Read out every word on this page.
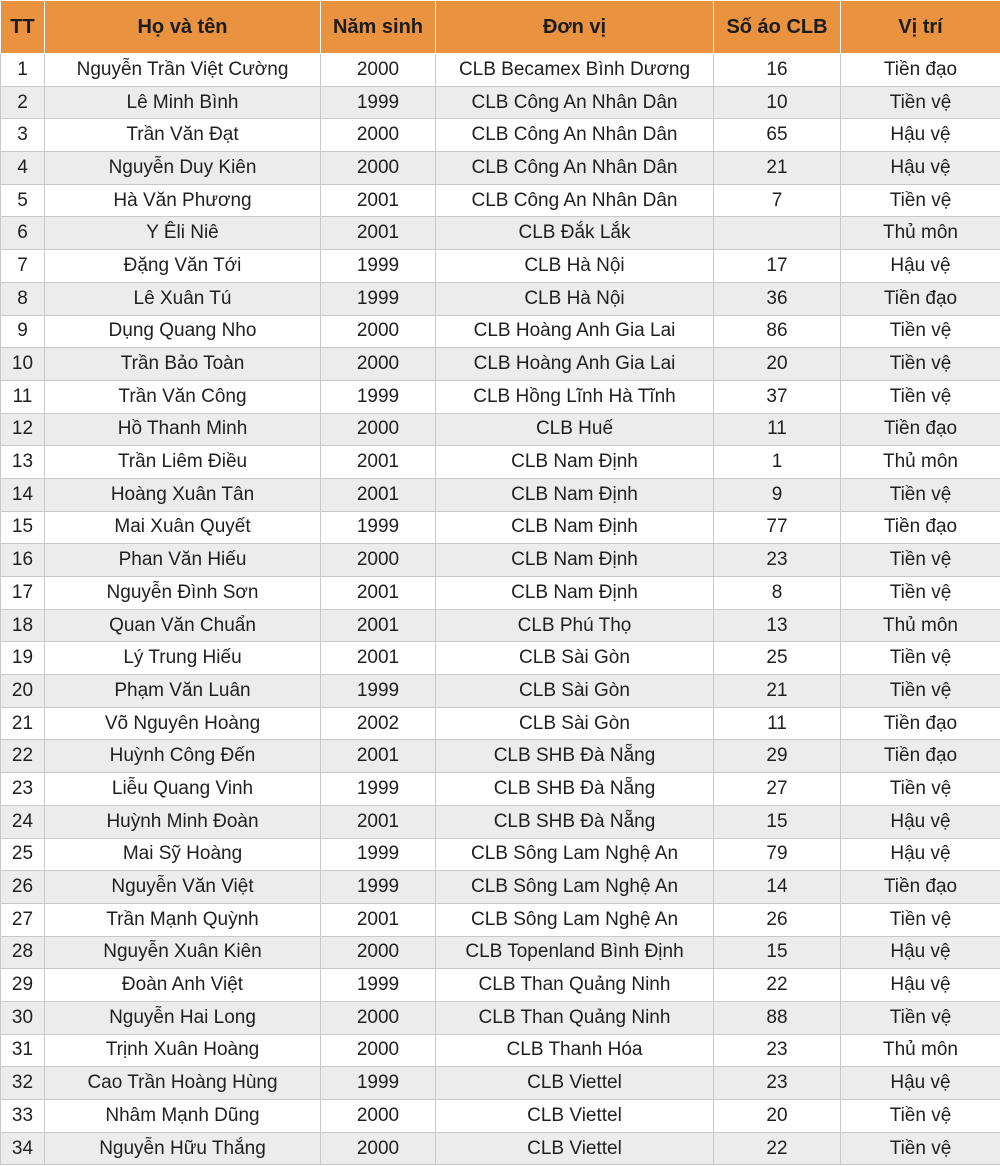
TT	Họ và tên	Năm sinh	Đơn vị	Số áo CLB	Vị trí
1	Nguyễn Trần Việt Cường	2000	CLB Becamex Bình Dương	16	Tiền đạo
2	Lê Minh Bình	1999	CLB Công An Nhân Dân	10	Tiền vệ
3	Trần Văn Đạt	2000	CLB Công An Nhân Dân	65	Hậu vệ
4	Nguyễn Duy Kiên	2000	CLB Công An Nhân Dân	21	Hậu vệ
5	Hà Văn Phương	2001	CLB Công An Nhân Dân	7	Tiền vệ
6	Y Êli Niê	2001	CLB Đắk Lắk		Thủ môn
7	Đặng Văn Tới	1999	CLB Hà Nội	17	Hậu vệ
8	Lê Xuân Tú	1999	CLB Hà Nội	36	Tiền đạo
9	Dụng Quang Nho	2000	CLB Hoàng Anh Gia Lai	86	Tiền vệ
10	Trần Bảo Toàn	2000	CLB Hoàng Anh Gia Lai	20	Tiền vệ
11	Trần Văn Công	1999	CLB Hồng Lĩnh Hà Tĩnh	37	Tiền vệ
12	Hồ Thanh Minh	2000	CLB Huế	11	Tiền đạo
13	Trần Liêm Điều	2001	CLB Nam Định	1	Thủ môn
14	Hoàng Xuân Tân	2001	CLB Nam Định	9	Tiền vệ
15	Mai Xuân Quyết	1999	CLB Nam Định	77	Tiền đạo
16	Phan Văn Hiếu	2000	CLB Nam Định	23	Tiền vệ
17	Nguyễn Đình Sơn	2001	CLB Nam Định	8	Tiền vệ
18	Quan Văn Chuẩn	2001	CLB Phú Thọ	13	Thủ môn
19	Lý Trung Hiếu	2001	CLB Sài Gòn	25	Tiền vệ
20	Phạm Văn Luân	1999	CLB Sài Gòn	21	Tiền vệ
21	Võ Nguyên Hoàng	2002	CLB Sài Gòn	11	Tiền đạo
22	Huỳnh Công Đến	2001	CLB SHB Đà Nẵng	29	Tiền đạo
23	Liễu Quang Vinh	1999	CLB SHB Đà Nẵng	27	Tiền vệ
24	Huỳnh Minh Đoàn	2001	CLB SHB Đà Nẵng	15	Hậu vệ
25	Mai Sỹ Hoàng	1999	CLB Sông Lam Nghệ An	79	Hậu vệ
26	Nguyễn Văn Việt	1999	CLB Sông Lam Nghệ An	14	Tiền đạo
27	Trần Mạnh Quỳnh	2001	CLB Sông Lam Nghệ An	26	Tiền vệ
28	Nguyễn Xuân Kiên	2000	CLB Topenland Bình Định	15	Hậu vệ
29	Đoàn Anh Việt	1999	CLB Than Quảng Ninh	22	Hậu vệ
30	Nguyễn Hai Long	2000	CLB Than Quảng Ninh	88	Tiền vệ
31	Trịnh Xuân Hoàng	2000	CLB Thanh Hóa	23	Thủ môn
32	Cao Trần Hoàng Hùng	1999	CLB Viettel	23	Hậu vệ
33	Nhâm Mạnh Dũng	2000	CLB Viettel	20	Tiền vệ
34	Nguyễn Hữu Thắng	2000	CLB Viettel	22	Tiền vệ
